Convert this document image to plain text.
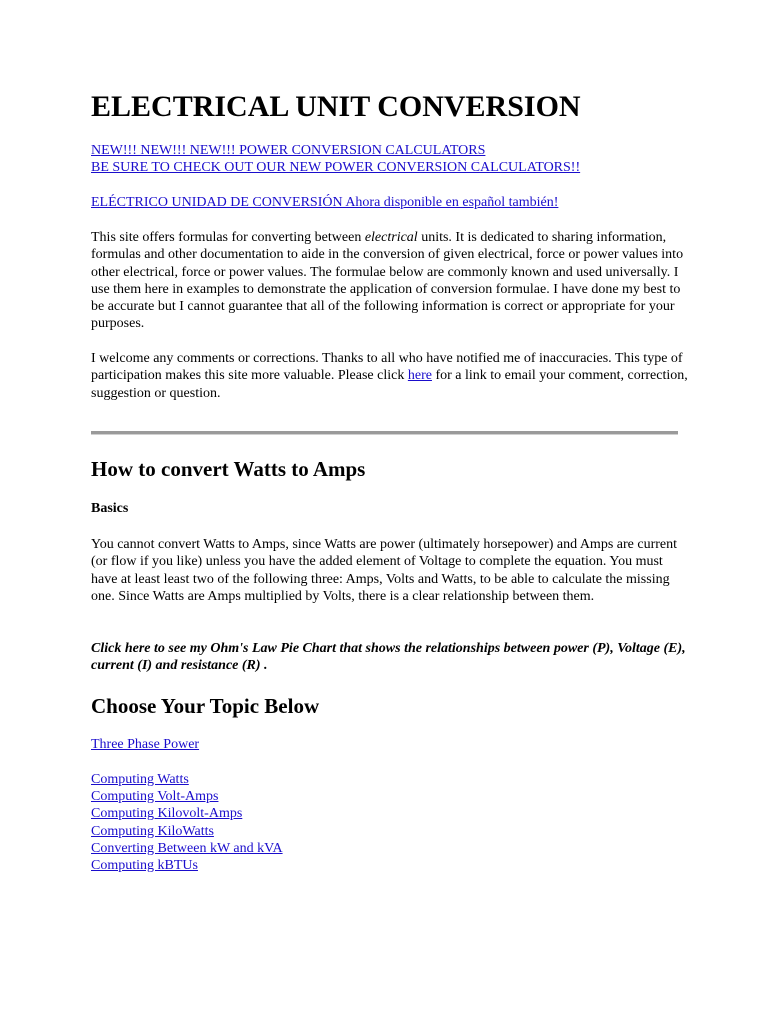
ELECTRICAL UNIT CONVERSION
NEW!!! NEW!!! NEW!!! POWER CONVERSION CALCULATORS
BE SURE TO CHECK OUT OUR NEW POWER CONVERSION CALCULATORS!!
ELÉCTRICO UNIDAD DE CONVERSIÓN Ahora disponible en español también!

This site offers formulas for converting between electrical units. It is dedicated to sharing information, formulas and other documentation to aide in the conversion of given electrical, force or power values into other electrical, force or power values. The formulae below are commonly known and used universally. I use them here in examples to demonstrate the application of conversion formulae. I have done my best to be accurate but I cannot guarantee that all of the following information is correct or appropriate for your purposes.

I welcome any comments or corrections. Thanks to all who have notified me of inaccuracies. This type of participation makes this site more valuable. Please click here for a link to email your comment, correction, suggestion or question.

How to convert Watts to Amps
Basics

You cannot convert Watts to Amps, since Watts are power (ultimately horsepower) and Amps are current (or flow if you like) unless you have the added element of Voltage to complete the equation. You must have at least least two of the following three: Amps, Volts and Watts, to be able to calculate the missing one. Since Watts are Amps multiplied by Volts, there is a clear relationship between them.

Click here to see my Ohm's Law Pie Chart that shows the relationships between power (P), Voltage (E), current (I) and resistance (R) .

Choose Your Topic Below
Three Phase Power
Computing Watts
Computing Volt-Amps
Computing Kilovolt-Amps
Computing KiloWatts
Converting Between kW and kVA
Computing kBTUs
